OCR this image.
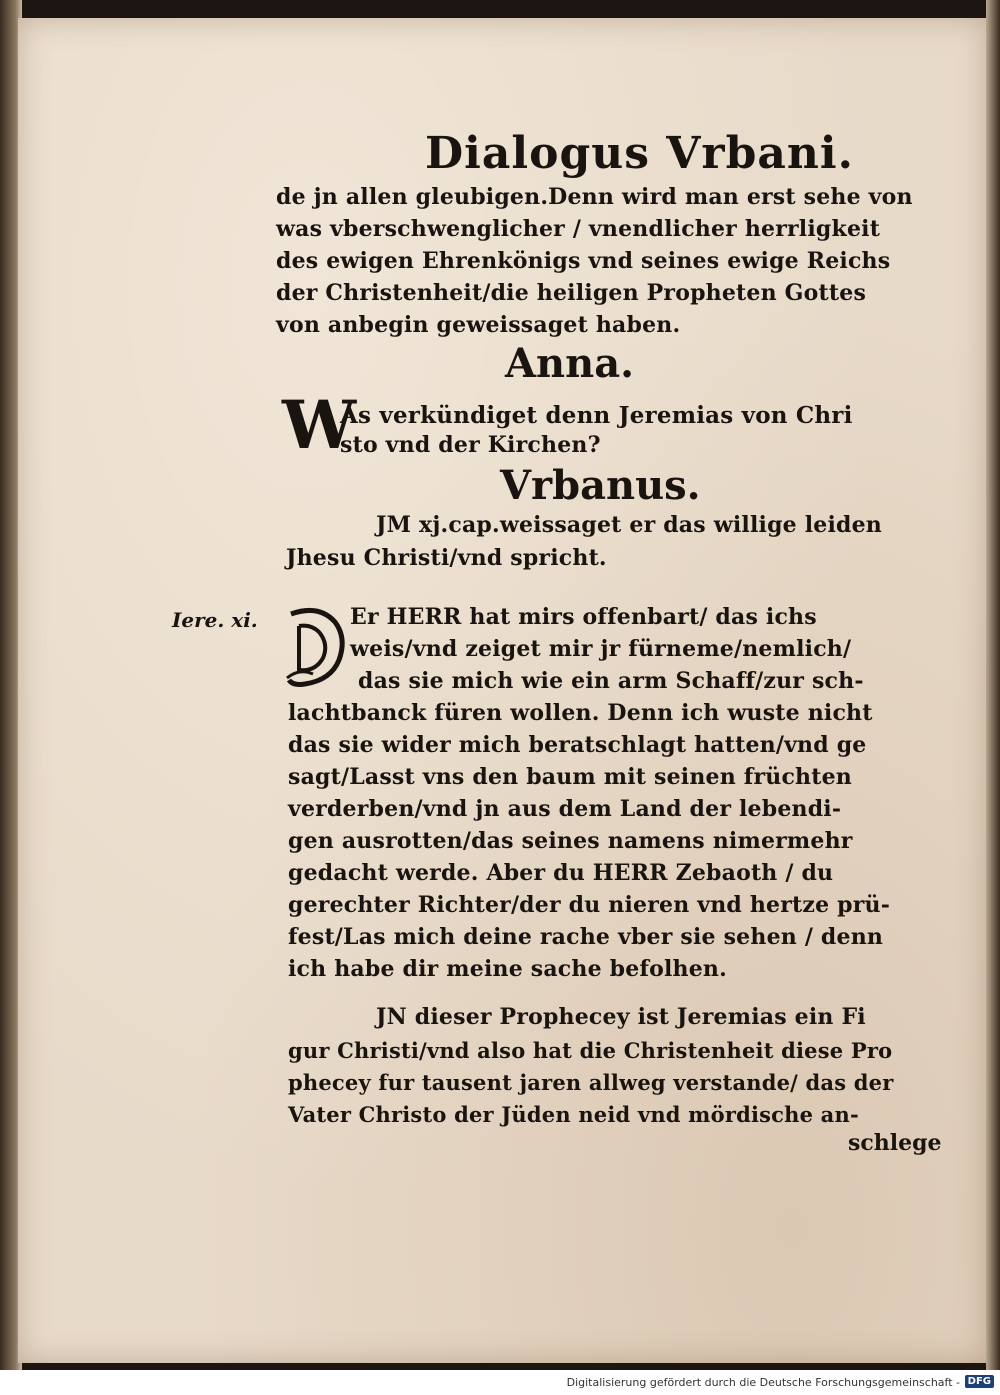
Dialogus Vrbani.
de jn allen gleubigen.Denn wird man erst sehe von
was vberschwenglicher / vnendlicher herrligkeit
des ewigen Ehrenkönigs vnd seines ewige Reichs
der Christenheit/die heiligen Propheten Gottes
von anbegin geweissaget haben.
Anna.
W
As verkündiget denn Jeremias von Chri
sto vnd der Kirchen?
Vrbanus.
JM xj.cap.weissaget er das willige leiden
Jhesu Christi/vnd spricht.
Iere. xi.	Er HERR hat mirs offenbart/ das ichs
weis/vnd zeiget mir jr fürneme/nemlich/
das sie mich wie ein arm Schaff/zur sch-
lachtbanck füren wollen. Denn ich wuste nicht
das sie wider mich beratschlagt hatten/vnd ge
sagt/Lasst vns den baum mit seinen früchten
verderben/vnd jn aus dem Land der lebendi-
gen ausrotten/das seines namens nimermehr
gedacht werde. Aber du HERR Zebaoth / du
gerechter Richter/der du nieren vnd hertze prü-
fest/Las mich deine rache vber sie sehen / denn
ich habe dir meine sache befolhen.
JN dieser Prophecey ist Jeremias ein Fi
gur Christi/vnd also hat die Christenheit diese Pro
phecey fur tausent jaren allweg verstande/ das der
Vater Christo der Jüden neid vnd mördische an-
schlege
Digitalisierung gefördert durch die Deutsche Forschungsgemeinschaft - DFG
